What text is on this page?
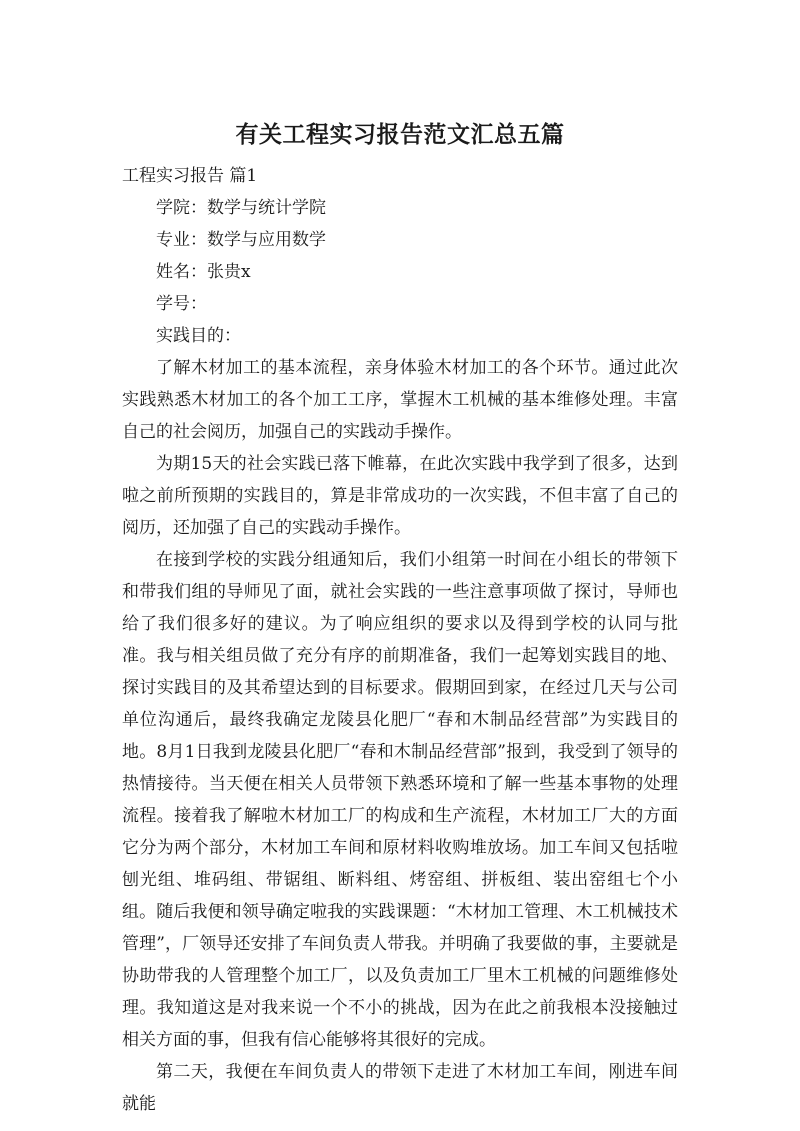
有关工程实习报告范文汇总五篇

工程实习报告 篇1

学院：数学与统计学院

专业：数学与应用数学

姓名：张贵x

学号：

实践目的：

了解木材加工的基本流程，亲身体验木材加工的各个环节。通过此次实践熟悉木材加工的各个加工工序，掌握木工机械的基本维修处理。丰富自己的社会阅历，加强自己的实践动手操作。

为期15天的社会实践已落下帷幕，在此次实践中我学到了很多，达到啦之前所预期的实践目的，算是非常成功的一次实践，不但丰富了自己的阅历，还加强了自己的实践动手操作。

在接到学校的实践分组通知后，我们小组第一时间在小组长的带领下和带我们组的导师见了面，就社会实践的一些注意事项做了探讨，导师也给了我们很多好的建议。为了响应组织的要求以及得到学校的认同与批准。我与相关组员做了充分有序的前期准备，我们一起筹划实践目的地、探讨实践目的及其希望达到的目标要求。假期回到家，在经过几天与公司单位沟通后，最终我确定龙陵县化肥厂“春和木制品经营部”为实践目的地。8月1日我到龙陵县化肥厂“春和木制品经营部”报到，我受到了领导的热情接待。当天便在相关人员带领下熟悉环境和了解一些基本事物的处理流程。接着我了解啦木材加工厂的构成和生产流程，木材加工厂大的方面它分为两个部分，木材加工车间和原材料收购堆放场。加工车间又包括啦刨光组、堆码组、带锯组、断料组、烤窑组、拼板组、装出窑组七个小组。随后我便和领导确定啦我的实践课题：“木材加工管理、木工机械技术管理”，厂领导还安排了车间负责人带我。并明确了我要做的事，主要就是协助带我的人管理整个加工厂，以及负责加工厂里木工机械的问题维修处理。我知道这是对我来说一个不小的挑战，因为在此之前我根本没接触过相关方面的事，但我有信心能够将其很好的完成。

第二天，我便在车间负责人的带领下走进了木材加工车间，刚进车间就能
